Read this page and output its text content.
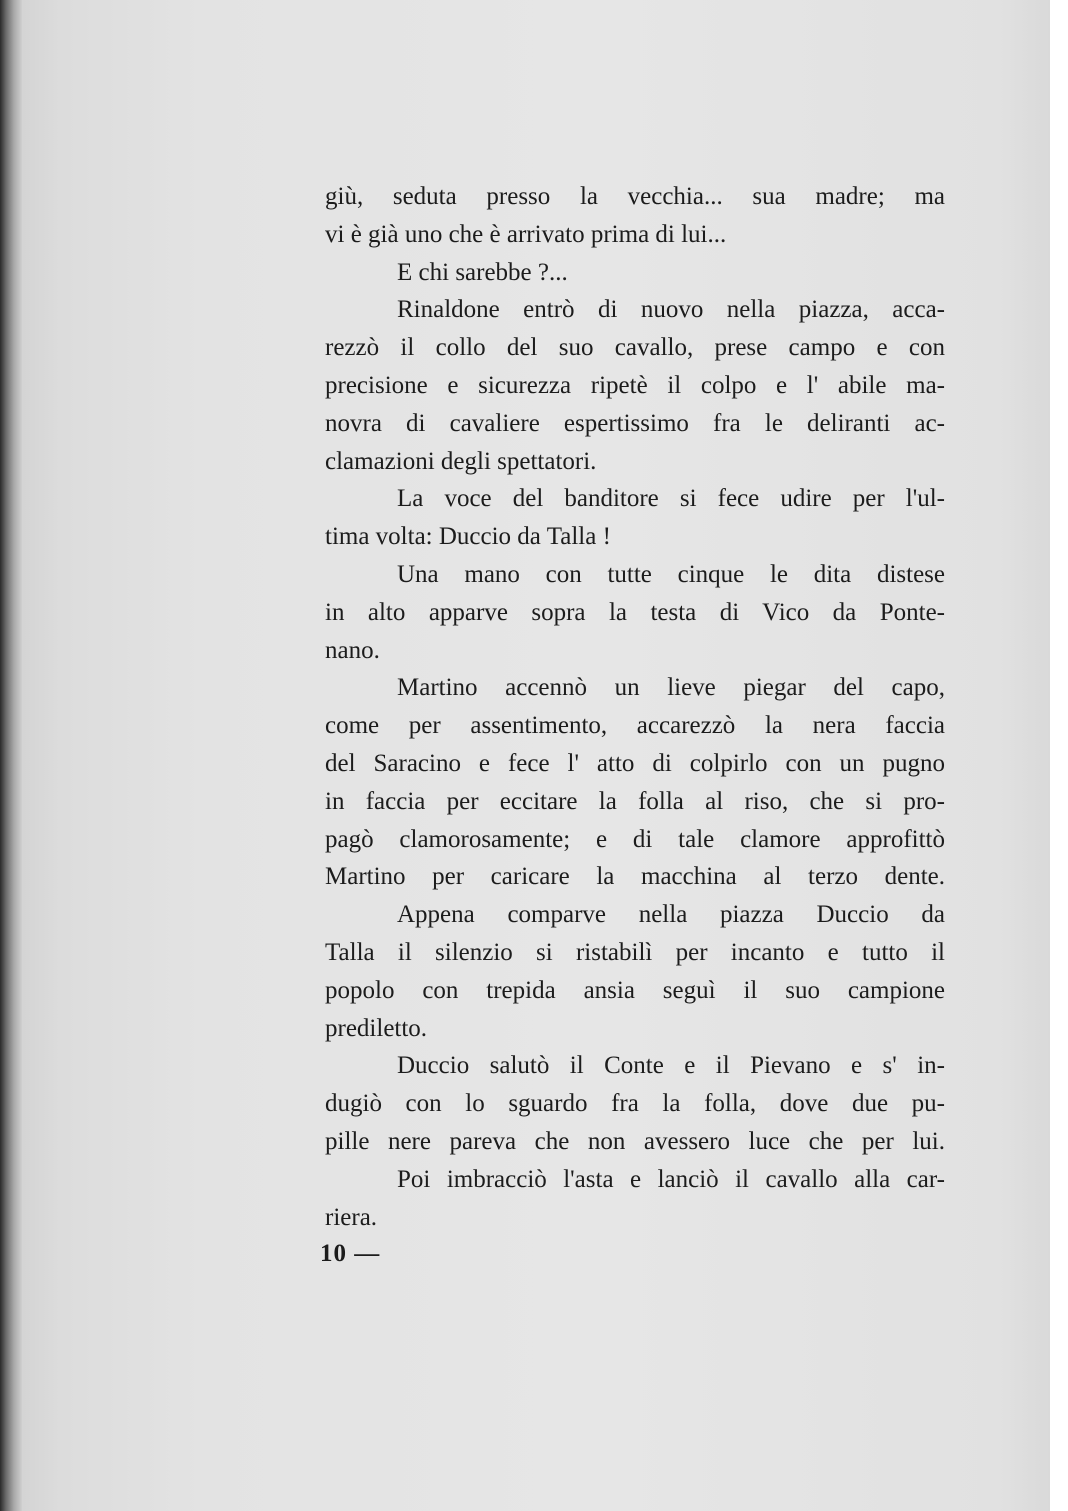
giù, seduta presso la vecchia... sua madre; ma
vi è già uno che è arrivato prima di lui...
E chi sarebbe ?...
Rinaldone entrò di nuovo nella piazza, acca-
rezzò il collo del suo cavallo, prese campo e con
precisione e sicurezza ripetè il colpo e l' abile ma-
novra di cavaliere espertissimo fra le deliranti ac-
clamazioni degli spettatori.
La voce del banditore si fece udire per l'ul-
tima volta: Duccio da Talla !
Una mano con tutte cinque le dita distese
in alto apparve sopra la testa di Vico da Ponte-
nano.
Martino accennò un lieve piegar del capo,
come per assentimento, accarezzò la nera faccia
del Saracino e fece l' atto di colpirlo con un pugno
in faccia per eccitare la folla al riso, che si pro-
pagò clamorosamente; e di tale clamore approfittò
Martino per caricare la macchina al terzo dente.
Appena comparve nella piazza Duccio da
Talla il silenzio si ristabilì per incanto e tutto il
popolo con trepida ansia seguì il suo campione
prediletto.
Duccio salutò il Conte e il Pievano e s' in-
dugiò con lo sguardo fra la folla, dove due pu-
pille nere pareva che non avessero luce che per lui.
Poi imbracciò l'asta e lanciò il cavallo alla car-
riera.
10 —
